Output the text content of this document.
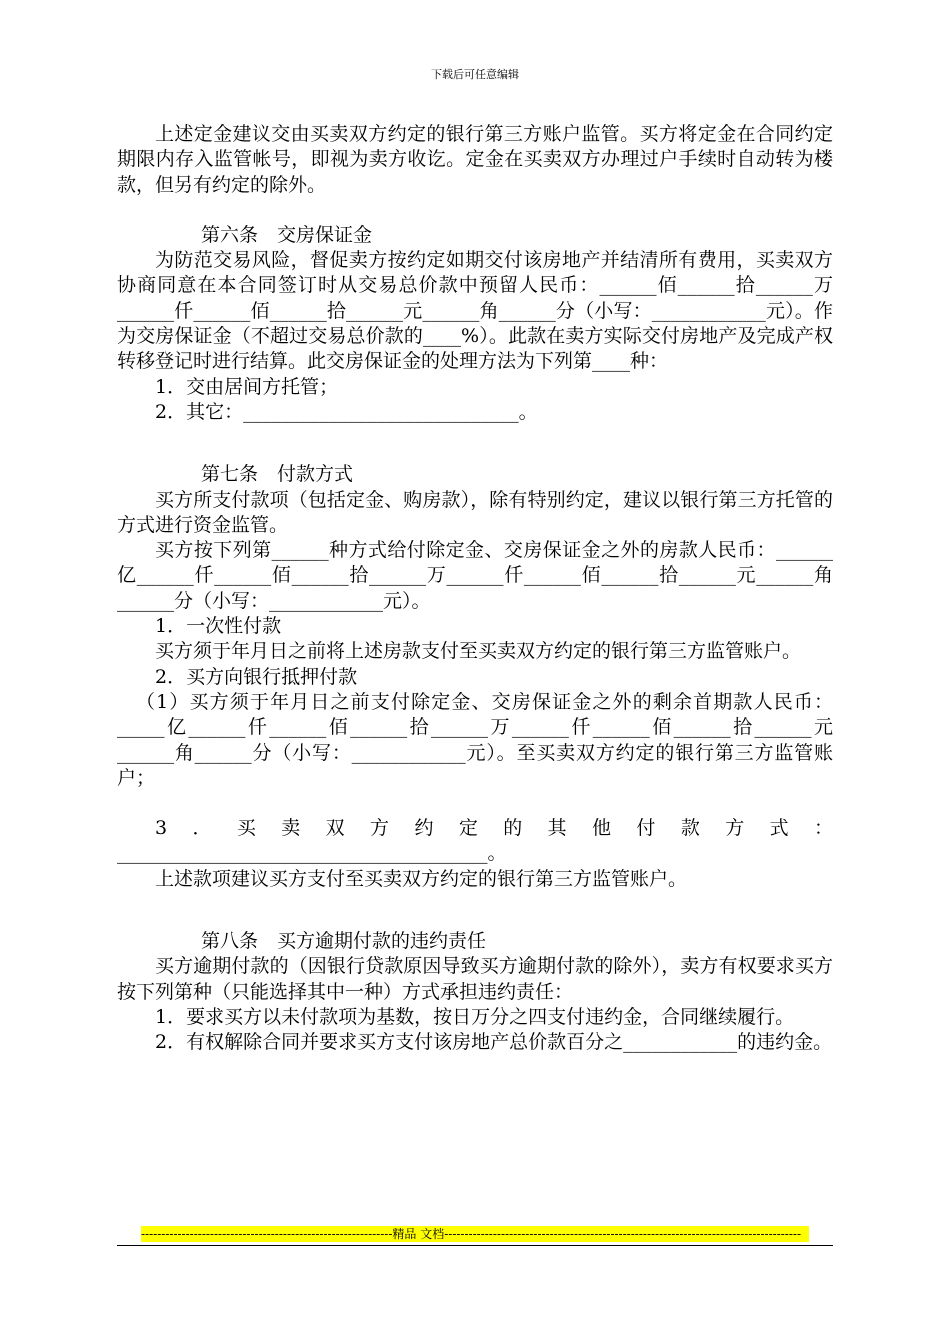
下载后可任意编辑

上述定金建议交由买卖双方约定的银行第三方账户监管。买方将定金在合同约定期限内存入监管帐号，即视为卖方收讫。定金在买卖双方办理过户手续时自动转为楼款，但另有约定的除外。

第六条　交房保证金

为防范交易风险，督促卖方按约定如期交付该房地产并结清所有费用，买卖双方协商同意在本合同签订时从交易总价款中预留人民币：______佰______拾______万______仟______佰______拾______元______角______分（小写：____________元）。作为交房保证金（不超过交易总价款的____%）。此款在卖方实际交付房地产及完成产权转移登记时进行结算。此交房保证金的处理方法为下列第____种：

1．交由居间方托管；

2．其它：_____________________________。

第七条　付款方式

买方所支付款项（包括定金、购房款），除有特别约定，建议以银行第三方托管的方式进行资金监管。

买方按下列第______种方式给付除定金、交房保证金之外的房款人民币：______亿______仟______佰______拾______万______仟______佰______拾______元______角______分（小写：____________元）。

1．一次性付款

买方须于年月日之前将上述房款支付至买卖双方约定的银行第三方监管账户。

2．买方向银行抵押付款

（1）买方须于年月日之前支付除定金、交房保证金之外的剩余首期款人民币： _____亿______仟______佰______拾______万______仟______佰______拾______元______角______分（小写：____________元）。至买卖双方约定的银行第三方监管账户；

3．买卖双方约定的其他付款方式：_______________________________________。

上述款项建议买方支付至买卖双方约定的银行第三方监管账户。

第八条　买方逾期付款的违约责任

买方逾期付款的（因银行贷款原因导致买方逾期付款的除外），卖方有权要求买方按下列第种（只能选择其中一种）方式承担违约责任：

1．要求买方以未付款项为基数，按日万分之四支付违约金，合同继续履行。

2．有权解除合同并要求买方支付该房地产总价款百分之____________的违约金。

--------------------------------------------------------------精品 文档----------------------------------------------------------------------------------------
